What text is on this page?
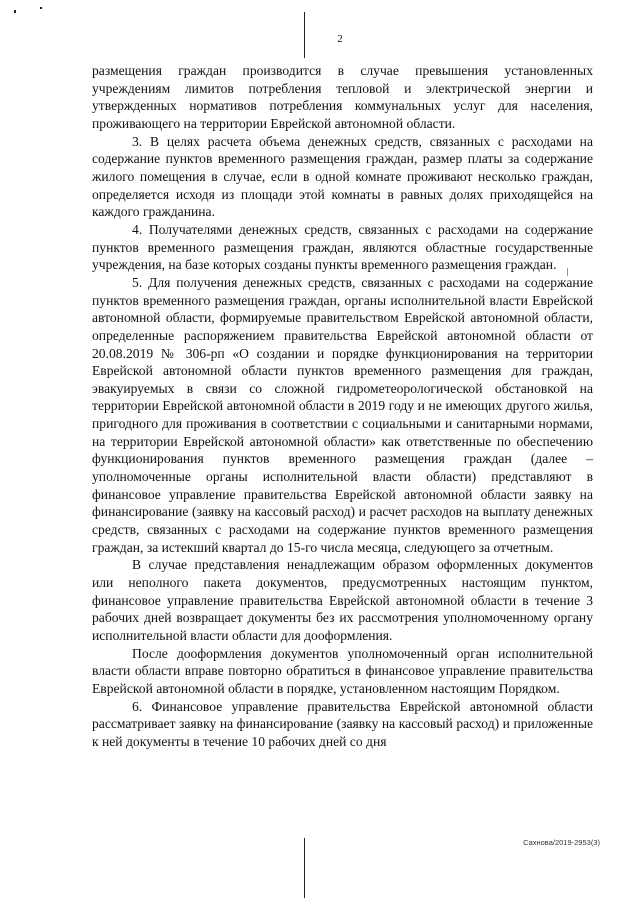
2

размещения граждан производится в случае превышения установленных учреждениям лимитов потребления тепловой и электрической энергии и утвержденных нормативов потребления коммунальных услуг для населения, проживающего на территории Еврейской автономной области.

3. В целях расчета объема денежных средств, связанных с расходами на содержание пунктов временного размещения граждан, размер платы за содержание жилого помещения в случае, если в одной комнате проживают несколько граждан, определяется исходя из площади этой комнаты в равных долях приходящейся на каждого гражданина.

4. Получателями денежных средств, связанных с расходами на содержание пунктов временного размещения граждан, являются областные государственные учреждения, на базе которых созданы пункты временного размещения граждан.

5. Для получения денежных средств, связанных с расходами на содержание пунктов временного размещения граждан, органы исполнительной власти Еврейской автономной области, формируемые правительством Еврейской автономной области, определенные распоряжением правительства Еврейской автономной области от 20.08.2019 № 306-рп «О создании и порядке функционирования на территории Еврейской автономной области пунктов временного размещения для граждан, эвакуируемых в связи со сложной гидрометеорологической обстановкой на территории Еврейской автономной области в 2019 году и не имеющих другого жилья, пригодного для проживания в соответствии с социальными и санитарными нормами, на территории Еврейской автономной области» как ответственные по обеспечению функционирования пунктов временного размещения граждан (далее – уполномоченные органы исполнительной власти области) представляют в финансовое управление правительства Еврейской автономной области заявку на финансирование (заявку на кассовый расход) и расчет расходов на выплату денежных средств, связанных с расходами на содержание пунктов временного размещения граждан, за истекший квартал до 15-го числа месяца, следующего за отчетным.

В случае представления ненадлежащим образом оформленных документов или неполного пакета документов, предусмотренных настоящим пунктом, финансовое управление правительства Еврейской автономной области в течение 3 рабочих дней возвращает документы без их рассмотрения уполномоченному органу исполнительной власти области для дооформления.

После дооформления документов уполномоченный орган исполнительной власти области вправе повторно обратиться в финансовое управление правительства Еврейской автономной области в порядке, установленном настоящим Порядком.

6. Финансовое управление правительства Еврейской автономной области рассматривает заявку на финансирование (заявку на кассовый расход) и приложенные к ней документы в течение 10 рабочих дней со дня

Сахнова/2019-2953(3)
